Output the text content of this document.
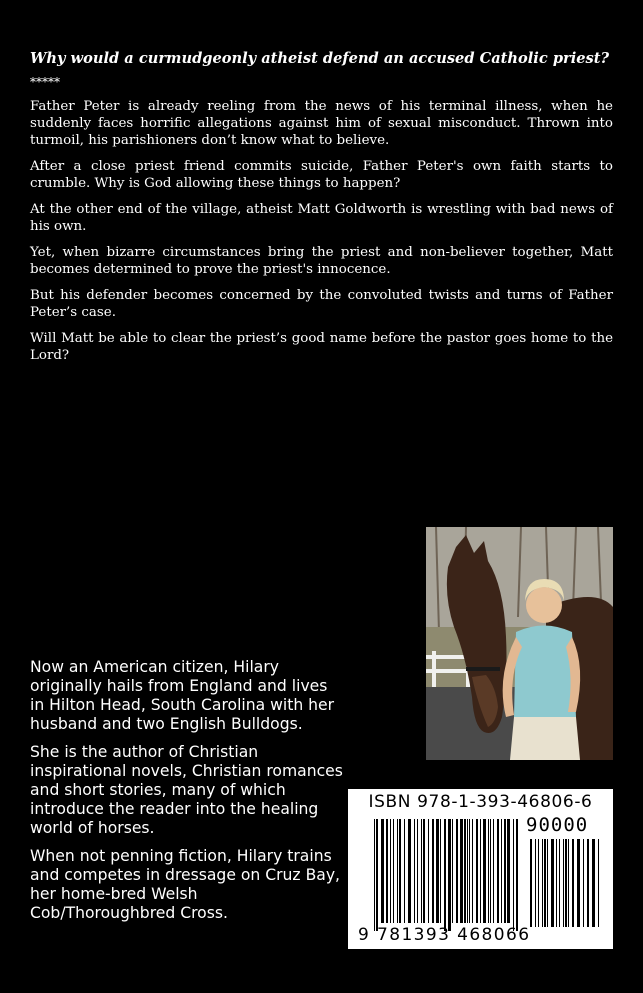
Why would a curmudgeonly atheist defend an accused Catholic priest?

*****

Father Peter is already reeling from the news of his terminal illness, when he suddenly faces horrific allegations against him of sexual misconduct. Thrown into turmoil, his parishioners don’t know what to believe.

After a close priest friend commits suicide, Father Peter's own faith starts to crumble. Why is God allowing these things to happen?

At the other end of the village, atheist Matt Goldworth is wrestling with bad news of his own.

Yet, when bizarre circumstances bring the priest and non-believer together, Matt becomes determined to prove the priest's innocence.

But his defender becomes concerned by the convoluted twists and turns of Father Peter’s case.

Will Matt be able to clear the priest’s good name before the pastor goes home to the Lord?

Now an American citizen, Hilary originally hails from England and lives in Hilton Head, South Carolina with her husband and two English Bulldogs.

She is the author of Christian inspirational novels, Christian romances and short stories, many of which introduce the reader into the healing world of horses.

When not penning fiction, Hilary trains and competes in dressage on Cruz Bay, her home-bred Welsh Cob/Thoroughbred Cross.

ISBN 978-1-393-46806-6
90000
9 781393 468066
